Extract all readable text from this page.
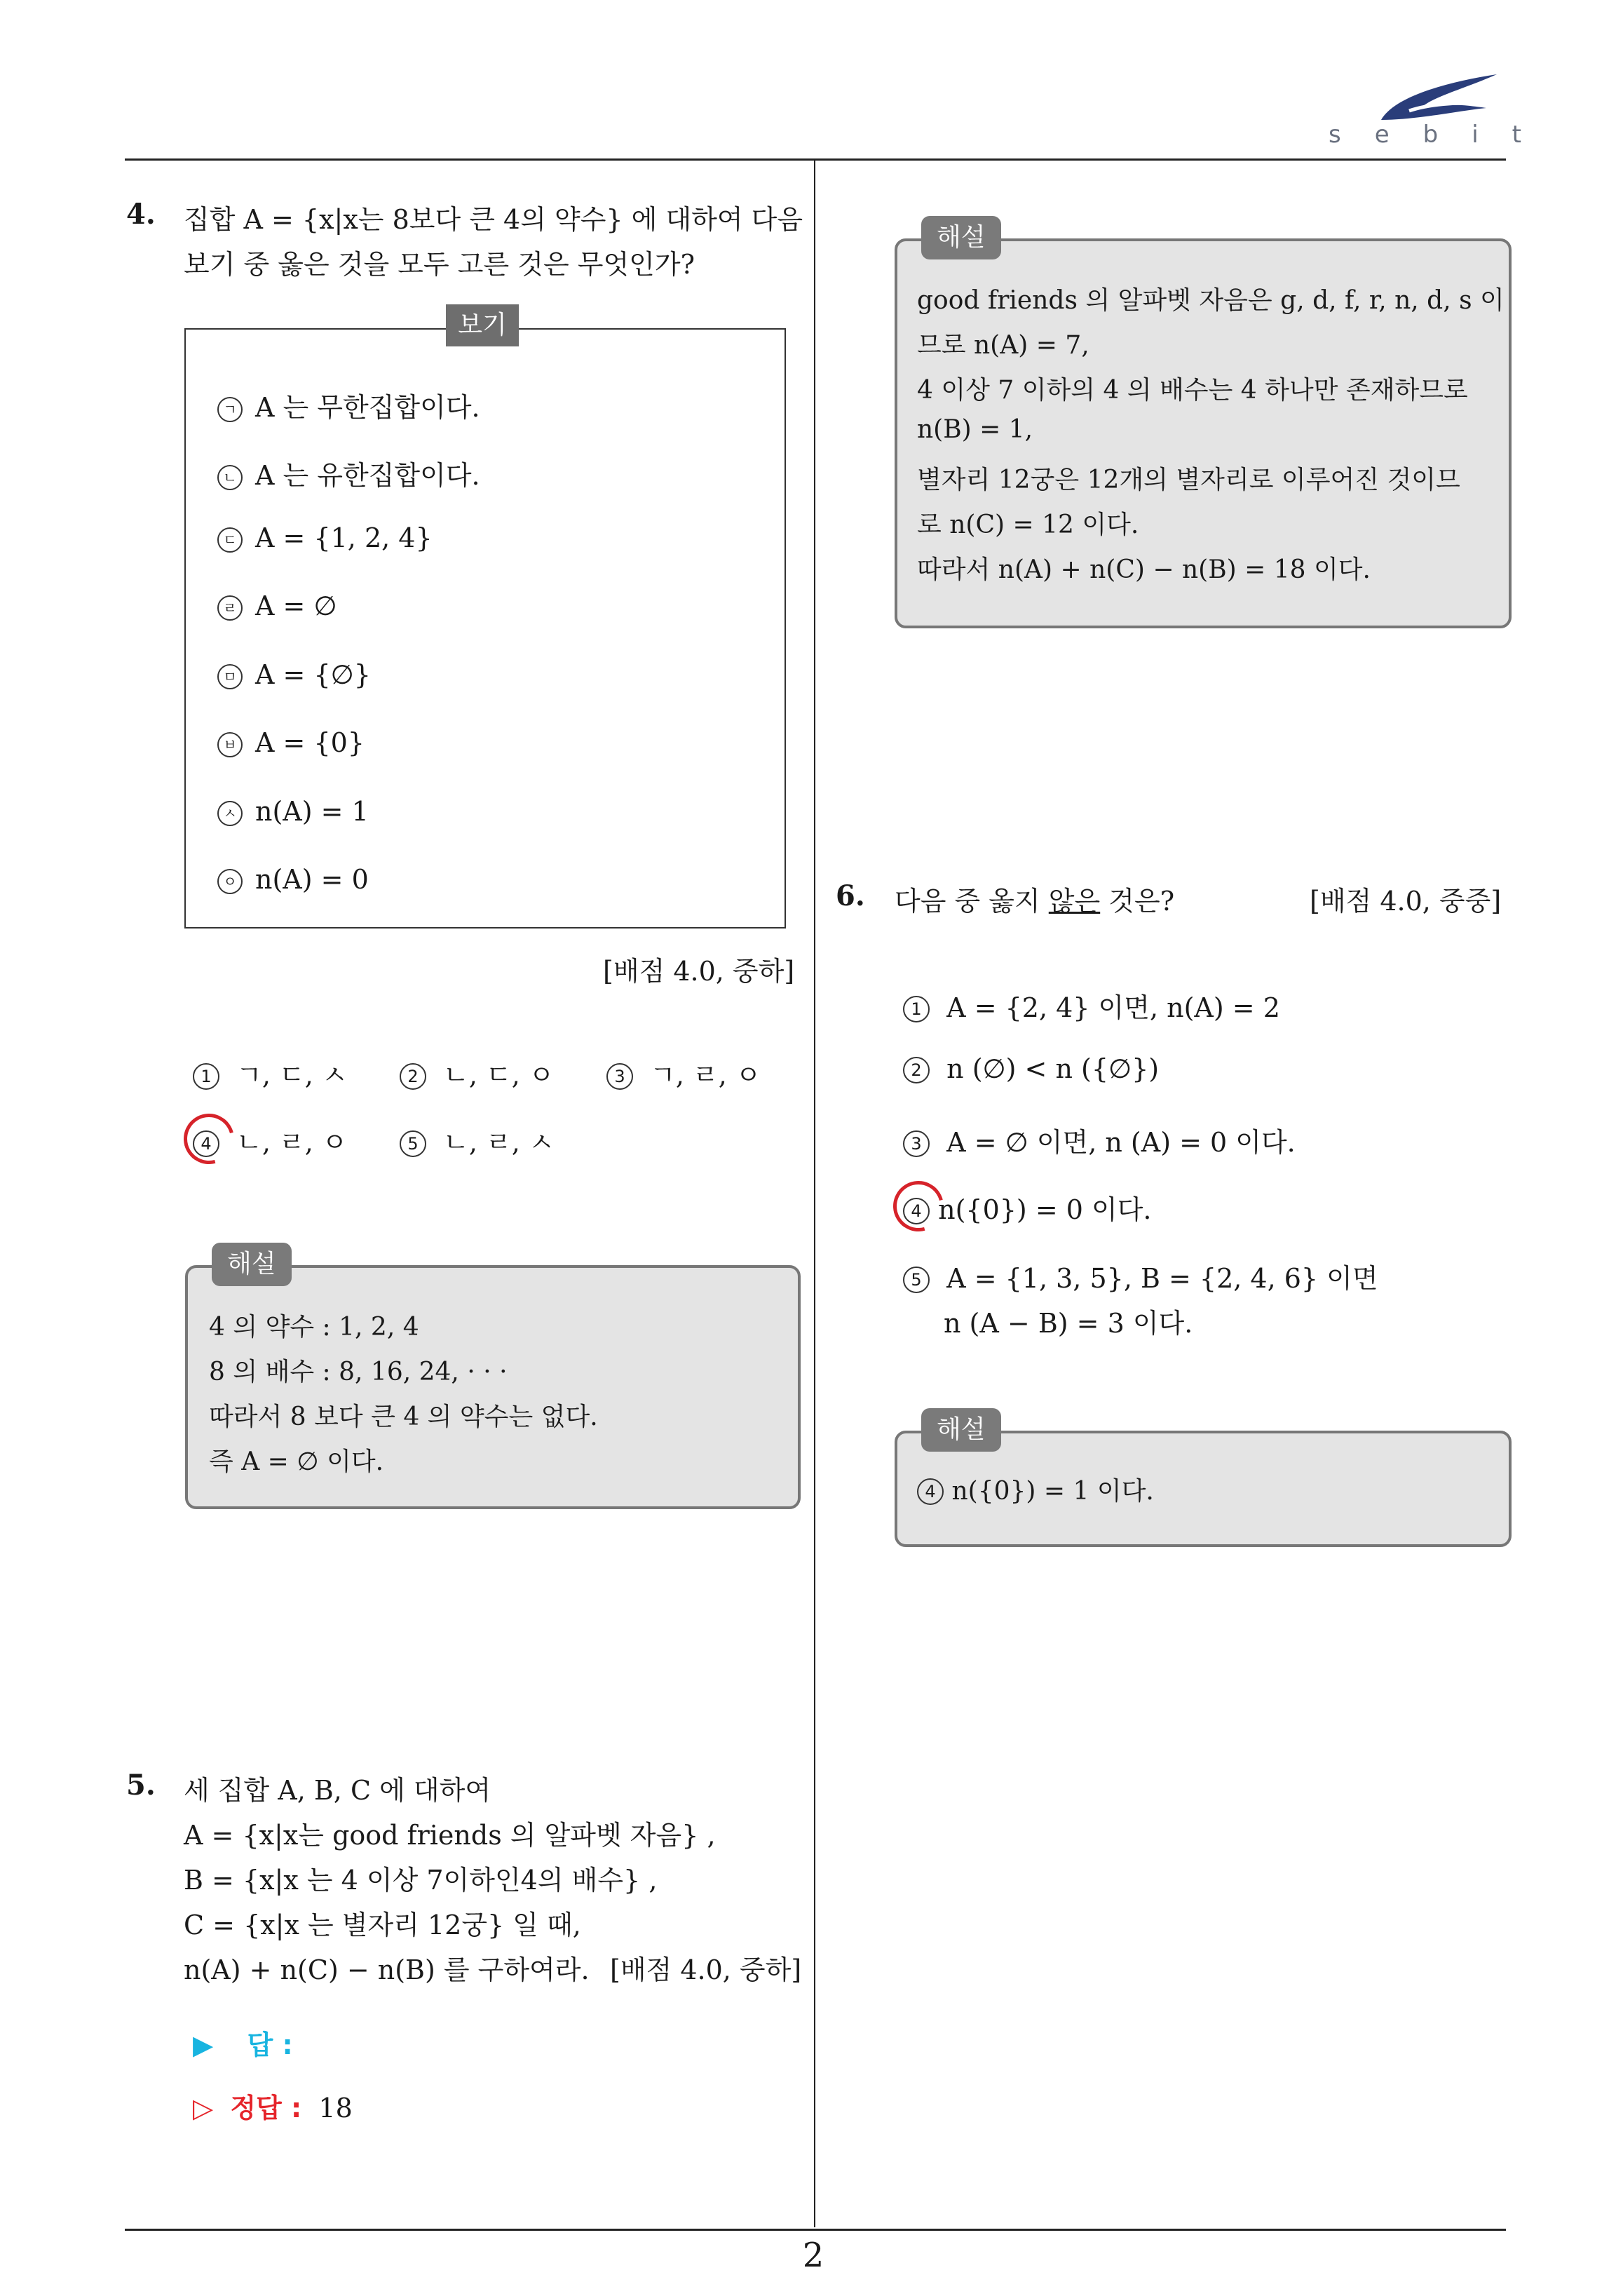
sebit
2
4. 집합 A = {x|x는 8보다 큰 4의 약수} 에 대하여 다음
보기 중 옳은 것을 모두 고른 것은 무엇인가?
보기
ㄱ A 는 무한집합이다.
ㄴ A 는 유한집합이다.
ㄷ A = {1, 2, 4}
ㄹ A = ∅
ㅁ A = {∅}
ㅂ A = {0}
ㅅ n(A) = 1
ㅇ n(A) = 0
[배점 4.0, 중하]
1 ㄱ, ㄷ, ㅅ	2 ㄴ, ㄷ, ㅇ	3 ㄱ, ㄹ, ㅇ
4 ㄴ, ㄹ, ㅇ	5 ㄴ, ㄹ, ㅅ
해설
4 의 약수 : 1, 2, 4
8 의 배수 : 8, 16, 24, · · ·
따라서 8 보다 큰 4 의 약수는 없다.
즉 A = ∅ 이다.
5. 세 집합 A, B, C 에 대하여
A = {x|x는 good friends 의 알파벳 자음} ,
B = {x|x 는 4 이상 7이하인4의 배수} ,
C = {x|x 는 별자리 12궁} 일 때,
n(A) + n(C) − n(B) 를 구하여라. [배점 4.0, 중하]
▶ 답 :
▷ 정답 : 18
해설
good friends 의 알파벳 자음은 g, d, f, r, n, d, s 이
므로 n(A) = 7,
4 이상 7 이하의 4 의 배수는 4 하나만 존재하므로
n(B) = 1,
별자리 12궁은 12개의 별자리로 이루어진 것이므
로 n(C) = 12 이다.
따라서 n(A) + n(C) − n(B) = 18 이다.
6. 다음 중 옳지 않은 것은?	[배점 4.0, 중중]
1 A = {2, 4} 이면, n(A) = 2
2 n (∅) < n ({∅})
3 A = ∅ 이면, n (A) = 0 이다.
4 n({0}) = 0 이다.
5 A = {1, 3, 5}, B = {2, 4, 6} 이면
n (A − B) = 3 이다.
해설
4 n({0}) = 1 이다.
